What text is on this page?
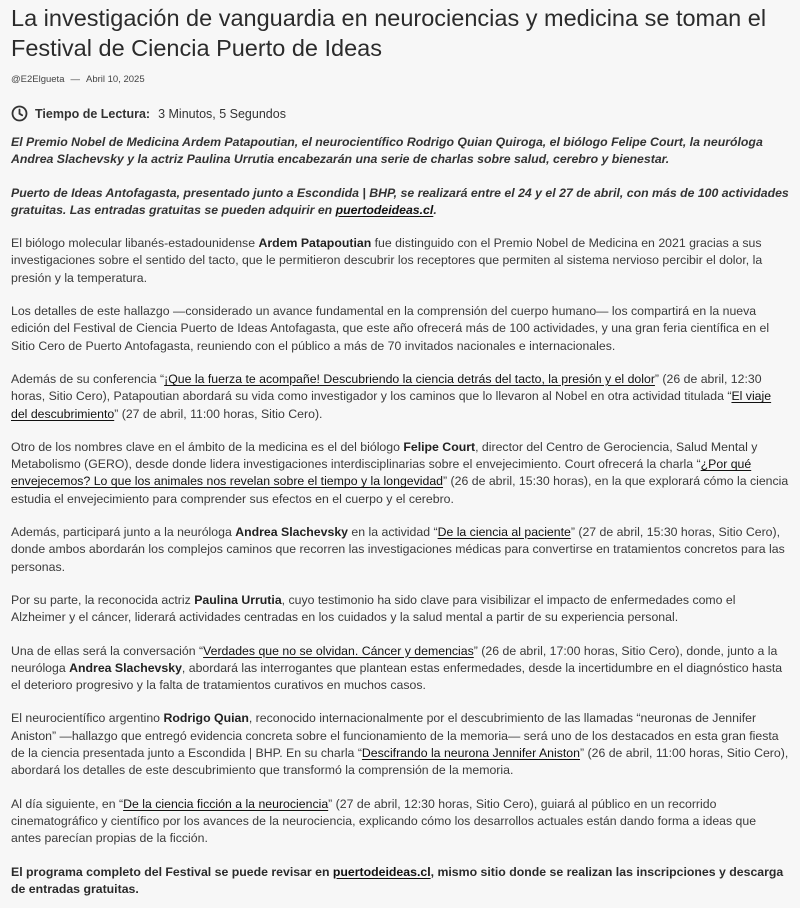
La investigación de vanguardia en neurociencias y medicina se toman el Festival de Ciencia Puerto de Ideas
@E2Elgueta — Abril 10, 2025
Tiempo de Lectura: 3 Minutos, 5 Segundos

El Premio Nobel de Medicina Ardem Patapoutian, el neurocientífico Rodrigo Quian Quiroga, el biólogo Felipe Court, la neuróloga Andrea Slachevsky y la actriz Paulina Urrutia encabezarán una serie de charlas sobre salud, cerebro y bienestar.

Puerto de Ideas Antofagasta, presentado junto a Escondida | BHP, se realizará entre el 24 y el 27 de abril, con más de 100 actividades gratuitas. Las entradas gratuitas se pueden adquirir en puertodeideas.cl.

El biólogo molecular libanés-estadounidense Ardem Patapoutian fue distinguido con el Premio Nobel de Medicina en 2021 gracias a sus investigaciones sobre el sentido del tacto, que le permitieron descubrir los receptores que permiten al sistema nervioso percibir el dolor, la presión y la temperatura.

Los detalles de este hallazgo —considerado un avance fundamental en la comprensión del cuerpo humano— los compartirá en la nueva edición del Festival de Ciencia Puerto de Ideas Antofagasta, que este año ofrecerá más de 100 actividades, y una gran feria científica en el Sitio Cero de Puerto Antofagasta, reuniendo con el público a más de 70 invitados nacionales e internacionales.

Además de su conferencia “¡Que la fuerza te acompañe! Descubriendo la ciencia detrás del tacto, la presión y el dolor” (26 de abril, 12:30 horas, Sitio Cero), Patapoutian abordará su vida como investigador y los caminos que lo llevaron al Nobel en otra actividad titulada “El viaje del descubrimiento” (27 de abril, 11:00 horas, Sitio Cero).

Otro de los nombres clave en el ámbito de la medicina es el del biólogo Felipe Court, director del Centro de Gerociencia, Salud Mental y Metabolismo (GERO), desde donde lidera investigaciones interdisciplinarias sobre el envejecimiento. Court ofrecerá la charla “¿Por qué envejecemos? Lo que los animales nos revelan sobre el tiempo y la longevidad” (26 de abril, 15:30 horas), en la que explorará cómo la ciencia estudia el envejecimiento para comprender sus efectos en el cuerpo y el cerebro.

Además, participará junto a la neuróloga Andrea Slachevsky en la actividad “De la ciencia al paciente” (27 de abril, 15:30 horas, Sitio Cero), donde ambos abordarán los complejos caminos que recorren las investigaciones médicas para convertirse en tratamientos concretos para las personas.

Por su parte, la reconocida actriz Paulina Urrutia, cuyo testimonio ha sido clave para visibilizar el impacto de enfermedades como el Alzheimer y el cáncer, liderará actividades centradas en los cuidados y la salud mental a partir de su experiencia personal.

Una de ellas será la conversación “Verdades que no se olvidan. Cáncer y demencias” (26 de abril, 17:00 horas, Sitio Cero), donde, junto a la neuróloga Andrea Slachevsky, abordará las interrogantes que plantean estas enfermedades, desde la incertidumbre en el diagnóstico hasta el deterioro progresivo y la falta de tratamientos curativos en muchos casos.

El neurocientífico argentino Rodrigo Quian, reconocido internacionalmente por el descubrimiento de las llamadas “neuronas de Jennifer Aniston” —hallazgo que entregó evidencia concreta sobre el funcionamiento de la memoria— será uno de los destacados en esta gran fiesta de la ciencia presentada junto a Escondida | BHP. En su charla “Descifrando la neurona Jennifer Aniston” (26 de abril, 11:00 horas, Sitio Cero), abordará los detalles de este descubrimiento que transformó la comprensión de la memoria.

Al día siguiente, en “De la ciencia ficción a la neurociencia” (27 de abril, 12:30 horas, Sitio Cero), guiará al público en un recorrido cinematográfico y científico por los avances de la neurociencia, explicando cómo los desarrollos actuales están dando forma a ideas que antes parecían propias de la ficción.

El programa completo del Festival se puede revisar en puertodeideas.cl, mismo sitio donde se realizan las inscripciones y descarga de entradas gratuitas.
